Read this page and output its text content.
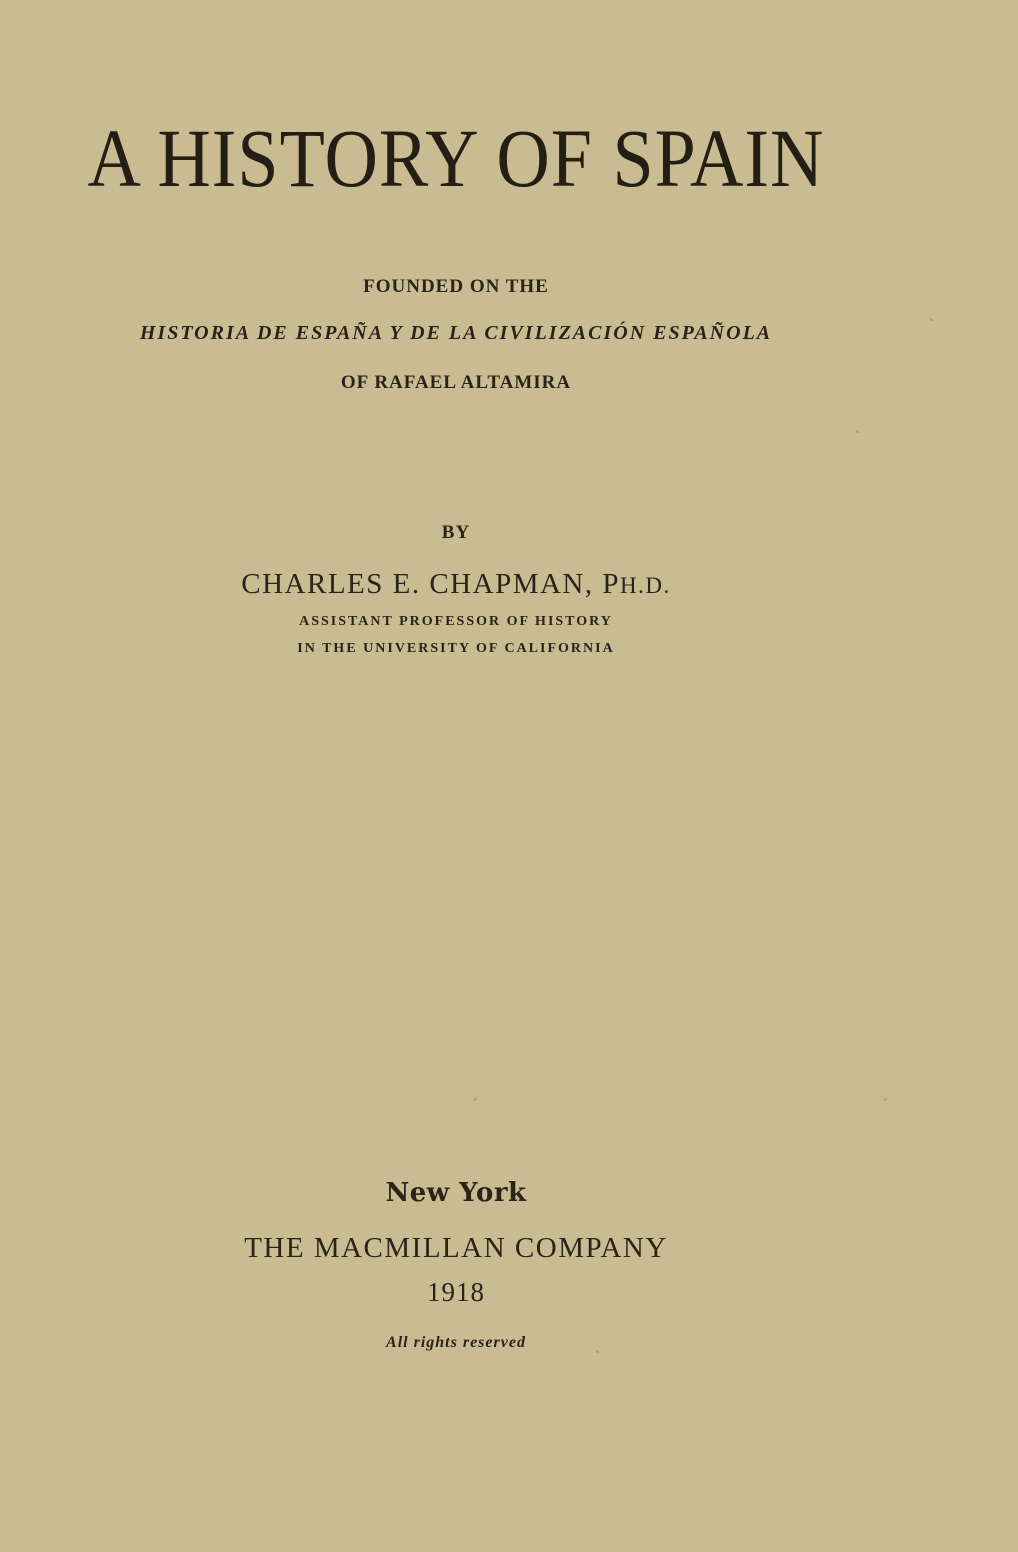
A HISTORY OF SPAIN
FOUNDED ON THE
HISTORIA DE ESPAÑA Y DE LA CIVILIZACIÓN ESPAÑOLA
OF RAFAEL ALTAMIRA
BY
CHARLES E. CHAPMAN, PH.D.
ASSISTANT PROFESSOR OF HISTORY
IN THE UNIVERSITY OF CALIFORNIA
New York
THE MACMILLAN COMPANY
1918
All rights reserved
